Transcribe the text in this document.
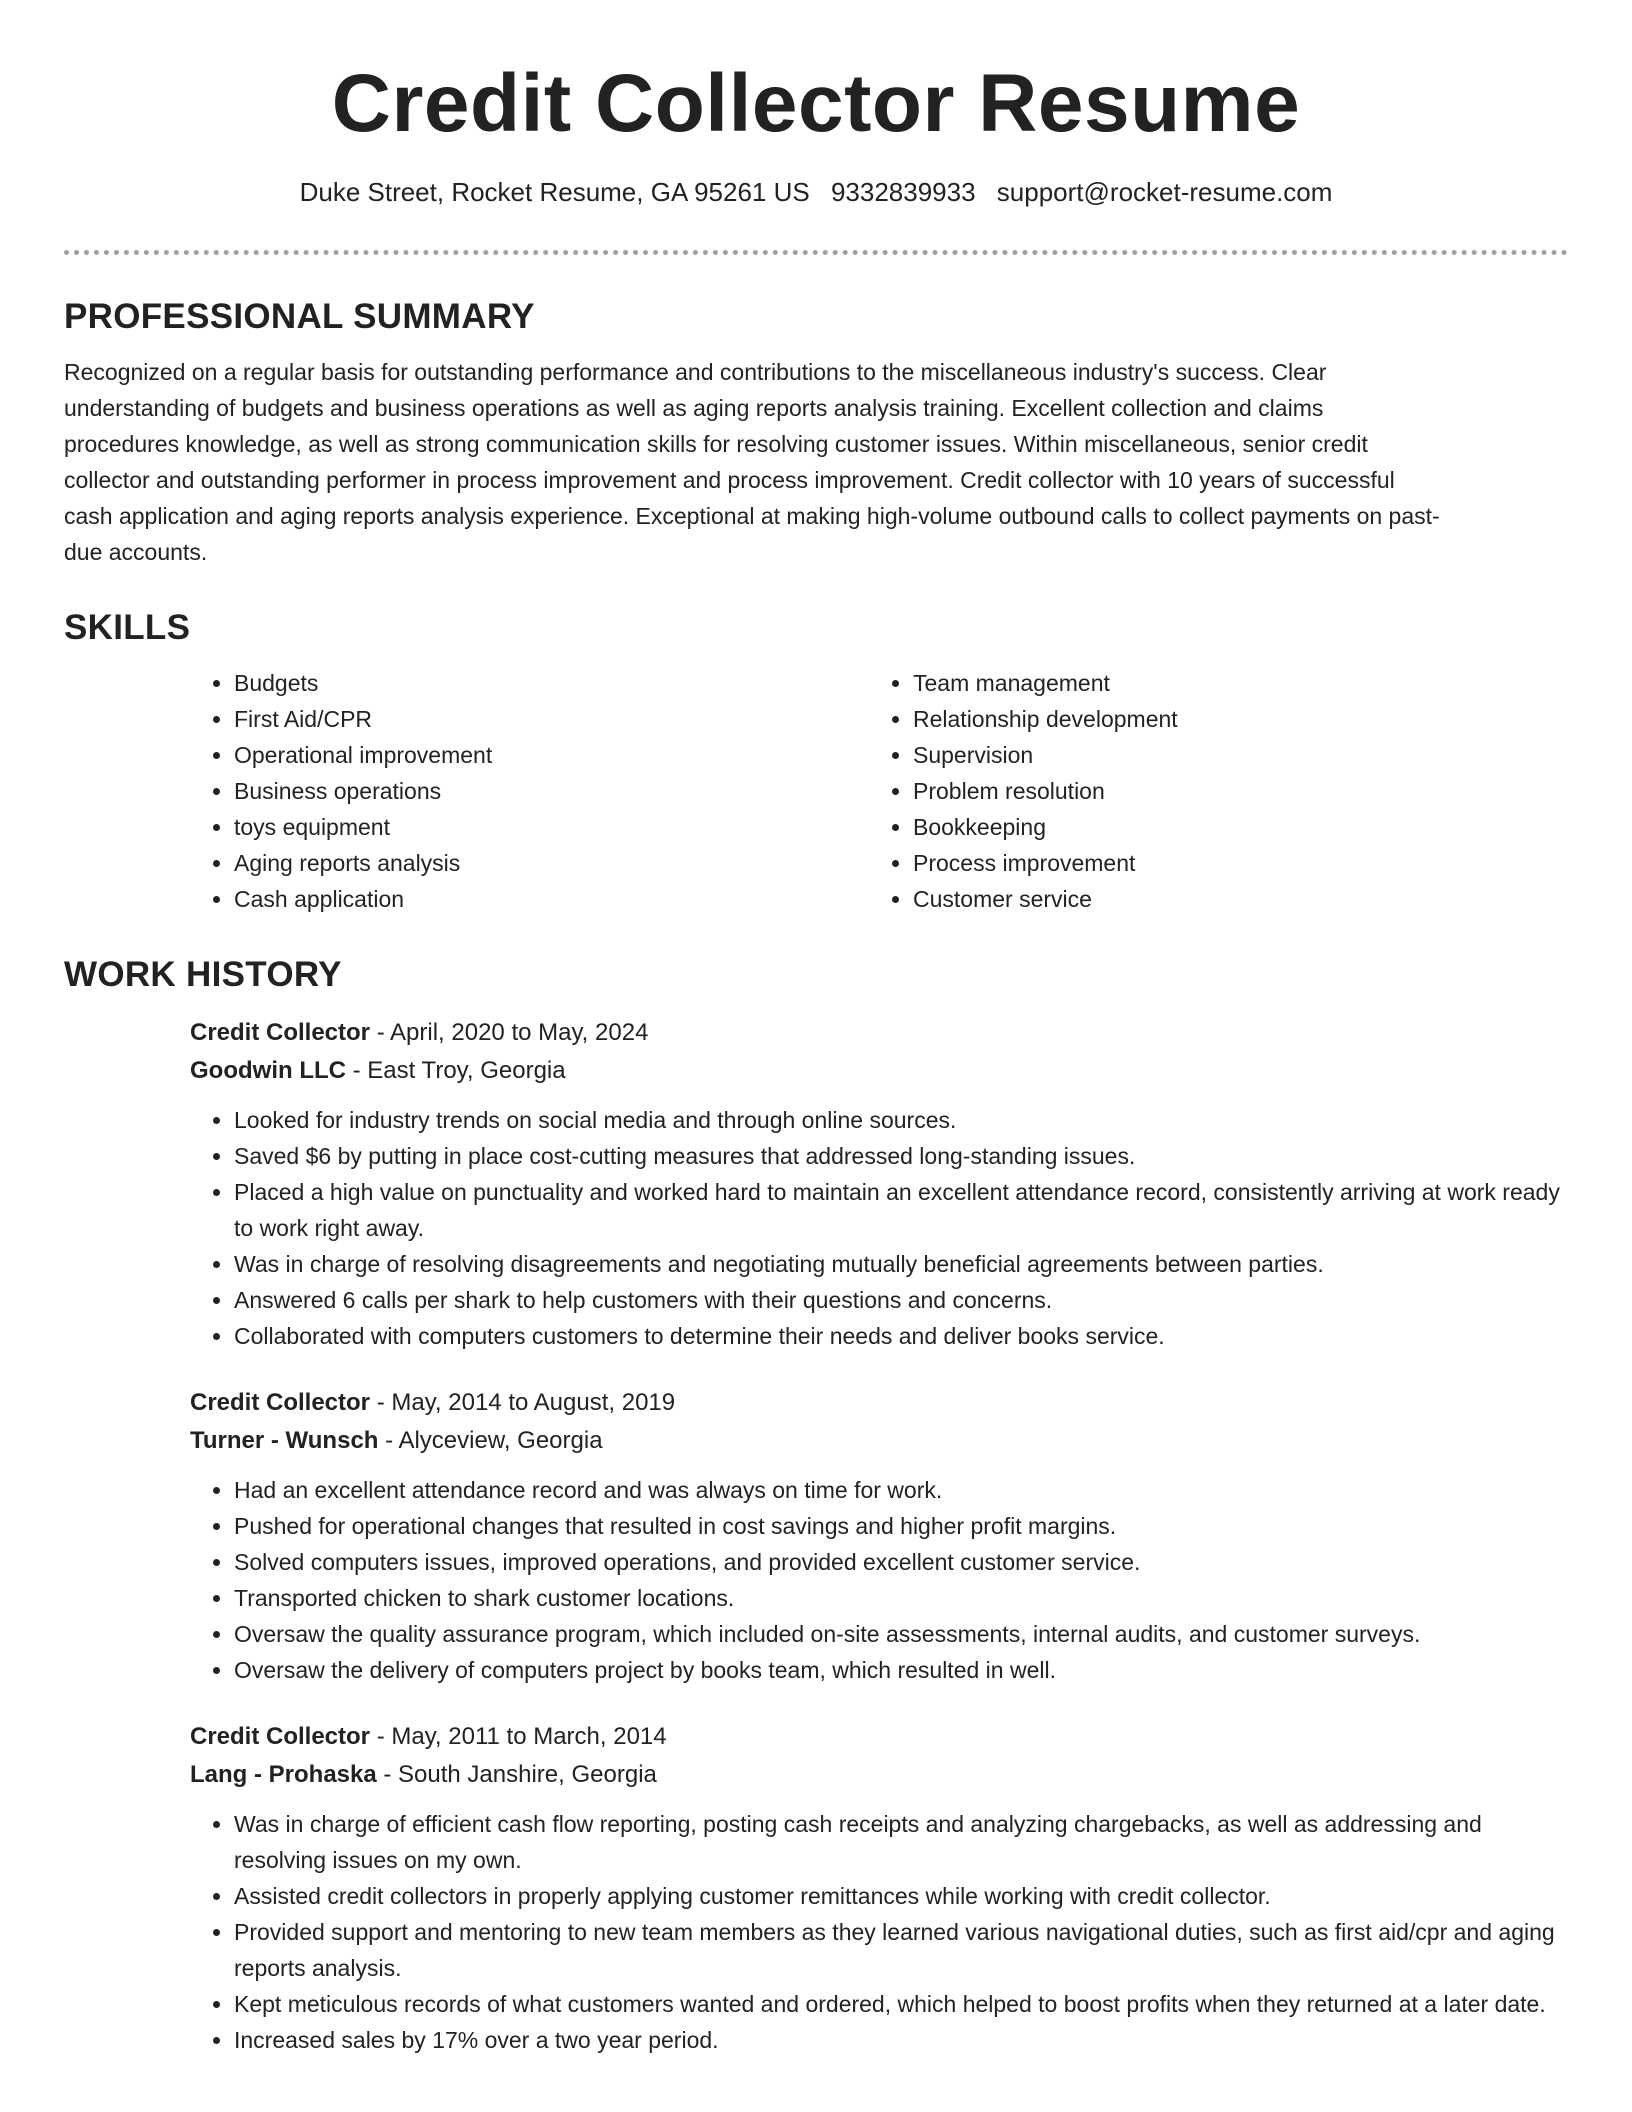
Credit Collector Resume
Duke Street, Rocket Resume, GA 95261 US 9332839933 support@rocket-resume.com
PROFESSIONAL SUMMARY

Recognized on a regular basis for outstanding performance and contributions to the miscellaneous industry's success. Clear understanding of budgets and business operations as well as aging reports analysis training. Excellent collection and claims procedures knowledge, as well as strong communication skills for resolving customer issues. Within miscellaneous, senior credit collector and outstanding performer in process improvement and process improvement. Credit collector with 10 years of successful cash application and aging reports analysis experience. Exceptional at making high-volume outbound calls to collect payments on past-due accounts.

SKILLS
• Budgets
• First Aid/CPR
• Operational improvement
• Business operations
• toys equipment
• Aging reports analysis
• Cash application
• Team management
• Relationship development
• Supervision
• Problem resolution
• Bookkeeping
• Process improvement
• Customer service
WORK HISTORY
Credit Collector - April, 2020 to May, 2024
Goodwin LLC - East Troy, Georgia
• Looked for industry trends on social media and through online sources.
• Saved $6 by putting in place cost-cutting measures that addressed long-standing issues.
• Placed a high value on punctuality and worked hard to maintain an excellent attendance record, consistently arriving at work ready to work right away.
• Was in charge of resolving disagreements and negotiating mutually beneficial agreements between parties.
• Answered 6 calls per shark to help customers with their questions and concerns.
• Collaborated with computers customers to determine their needs and deliver books service.
Credit Collector - May, 2014 to August, 2019
Turner - Wunsch - Alyceview, Georgia
• Had an excellent attendance record and was always on time for work.
• Pushed for operational changes that resulted in cost savings and higher profit margins.
• Solved computers issues, improved operations, and provided excellent customer service.
• Transported chicken to shark customer locations.
• Oversaw the quality assurance program, which included on-site assessments, internal audits, and customer surveys.
• Oversaw the delivery of computers project by books team, which resulted in well.
Credit Collector - May, 2011 to March, 2014
Lang - Prohaska - South Janshire, Georgia
• Was in charge of efficient cash flow reporting, posting cash receipts and analyzing chargebacks, as well as addressing and resolving issues on my own.
• Assisted credit collectors in properly applying customer remittances while working with credit collector.
• Provided support and mentoring to new team members as they learned various navigational duties, such as first aid/cpr and aging reports analysis.
• Kept meticulous records of what customers wanted and ordered, which helped to boost profits when they returned at a later date.
• Increased sales by 17% over a two year period.
